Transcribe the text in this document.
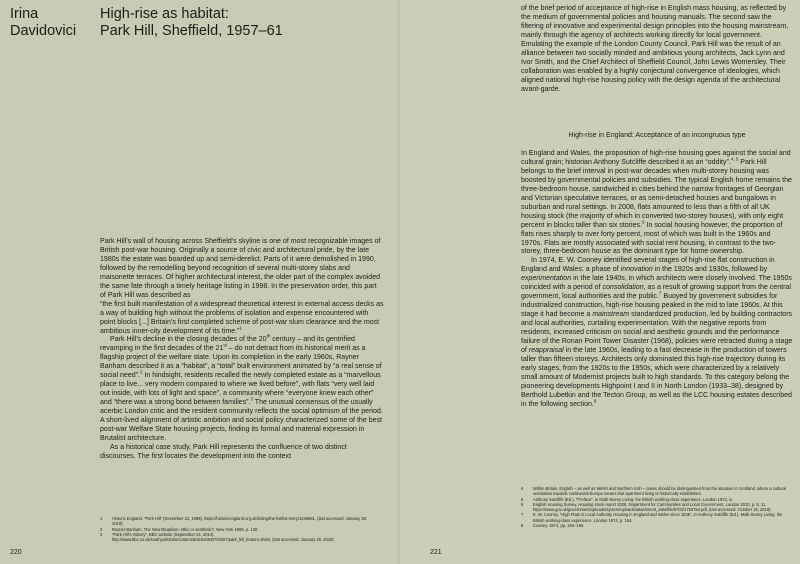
Irina Davidovici
High-rise as habitat:
Park Hill, Sheffield, 1957–61

Park Hill’s wall of housing across Sheffield’s skyline is one of most recognizable images of British post-war housing. Originally a source of civic and architectural pride, by the late 1980s the estate was boarded up and semi-derelict. Parts of it were demolished in 1990, followed by the remodelling beyond recognition of several multi-storey slabs and maisonette terraces. Of higher architectural interest, the older part of the complex avoided the same fate through a timely heritage listing in 1998. In the preservation order, this part of Park Hill was described as

“the first built manifestation of a widespread theoretical interest in external access decks as a way of building high without the problems of isolation and expense encountered with point blocks [...] Britain’s first completed scheme of post-war slum clearance and the most ambitious inner-city development of its time.”$^1$

Park Hill’s decline in the closing decades of the 20th century – and its gentrified revamping in the first decades of the 21st – do not detract from its historical merit as a flagship project of the welfare state. Upon its completion in the early 1960s, Rayner Banham described it as a “habitat”, a “total” built environment animated by “a real sense of social need”.$^2$ In hindsight, residents recalled the newly completed estate as a “marvellous place to live... very modern compared to where we lived before”, with flats “very well laid out inside, with lots of light and space”, a community where “everyone knew each other” and “there was a strong bond between families”.$^3$ The unusual consensus of the usually acerbic London critic and the resident community reflects the social optimism of the period. A short-lived alignment of artistic ambition and social policy characterized some of the best post-war Welfare State housing projects, finding its formal and material expression in Brutalist architecture.

As a historical case study, Park Hill represents the confluence of two distinct discourses. The first locates the development into the context

1	Historic England, “Park Hill” (December 22, 1998), https://historicengland.org.uk/listing/the-list/list-entry/1246881, (last accessed: January 28, 2019).
2	Reyner Banham, The New Brutalism: ethic or aesthetic?, New York 1966, p. 130.
3	“Park Hill’s History”, BBC website (September 24, 2014), http://www.bbc.co.uk/southyorkshire/content/articles/2007/03/07/park_hill_feature.shtml, (last accessed: January 28, 2019).
220	221

of the brief period of acceptance of high-rise in English mass housing, as reflected by the medium of governmental policies and housing manuals. The second saw the filtering of innovative and experimental design principles into the housing mainstream, mainly through the agency of architects working directly for local government. Emulating the example of the London County Council, Park Hill was the result of an alliance between two socially minded and ambitious young architects, Jack Lynn and Ivor Smith, and the Chief Architect of Sheffield Council, John Lewis Womersley. Their collaboration was enabled by a highly conjectural convergence of ideologies, which aligned national high-rise housing policy with the design agenda of the architectural avant-garde.

High-rise in England: Acceptance of an incongruous type

In England and Wales, the proposition of high-rise housing goes against the social and cultural grain; historian Anthony Sutcliffe described it as an “oddity”.$^{4, 5}$ Park Hill belongs to the brief interval in post-war decades when multi-storey housing was boosted by governmental policies and subsidies. The typical English home remains the three-bedroom house, sandwiched in cities behind the narrow frontages of Georgian and Victorian speculative terraces, or as semi-detached houses and bungalows in suburban and rural settings. In 2008, flats amounted to less than a fifth of all UK housing stock (the majority of which in converted two-storey houses), with only eight percent in blocks taller than six stories.$^6$ In social housing however, the proportion of flats rises sharply to over forty percent, most of which was built in the 1960s and 1970s. Flats are mostly associated with social rent housing, in contrast to the two-storey, three-bedroom house as the dominant type for home ownership.

In 1974, E. W. Cooney identified several stages of high-rise flat construction in England and Wales: a phase of innovation in the 1920s and 1930s, followed by experimentation in the late 1940s, in which architects were closely involved. The 1950s coincided with a period of consolidation, as a result of growing support from the central government, local authorities and the public.$^7$ Buoyed by government subsidies for industrialized construction, high-rise housing peaked in the mid to late 1960s. At this stage it had become a mainstream standardized production, led by building contractors and local authorities, curtailing experimentation. With the negative reports from residents, increased criticism on social and aesthetic grounds and the performance failure of the Ronan Point Tower Disaster (1968), policies were retracted during a stage of reappraisal in the late 1960s, leading to a fast decrease in the production of towers taller than fifteen storeys. Architects only dominated this high-rise trajectory during its early stages, from the 1920s to the 1950s, which were characterized by a relatively small amount of Modernist projects built to high standards. To this category belong the pioneering developments Highpoint I and II in North London (1933–38), designed by Berthold Lubetkin and the Tecton Group, as well as the LCC housing estates described in the following section.$^8$

4	Within Britain, English – as well as Welsh and Northern Irish – cases should be distinguished from the situation in Scotland, where a cultural orientation towards continental Europe means that apartment living is historically established.
5	Anthony Sutcliffe (Ed.), “Preface”, in Multi-Storey Living: the British working-class experience, London 1974, ix.
6	English Housing Survey, Housing stock report 2008, Department for Communities and Local Government, London 2010, p. 8, 11, https://www.gov.uk/government/uploads/system/uploads/attachment_data/file/6703/1750754.pdf, (last accessed: October 15, 2018).
7	E. W. Cooney, “High Flats in Local Authority Housing in England and Wales since 1945”, in Anthony Sutcliffe (Ed.), Multi-Storey Living: the British working-class experience, London 1974, p. 154.
8	Cooney, 1974, pp. 154–155.
